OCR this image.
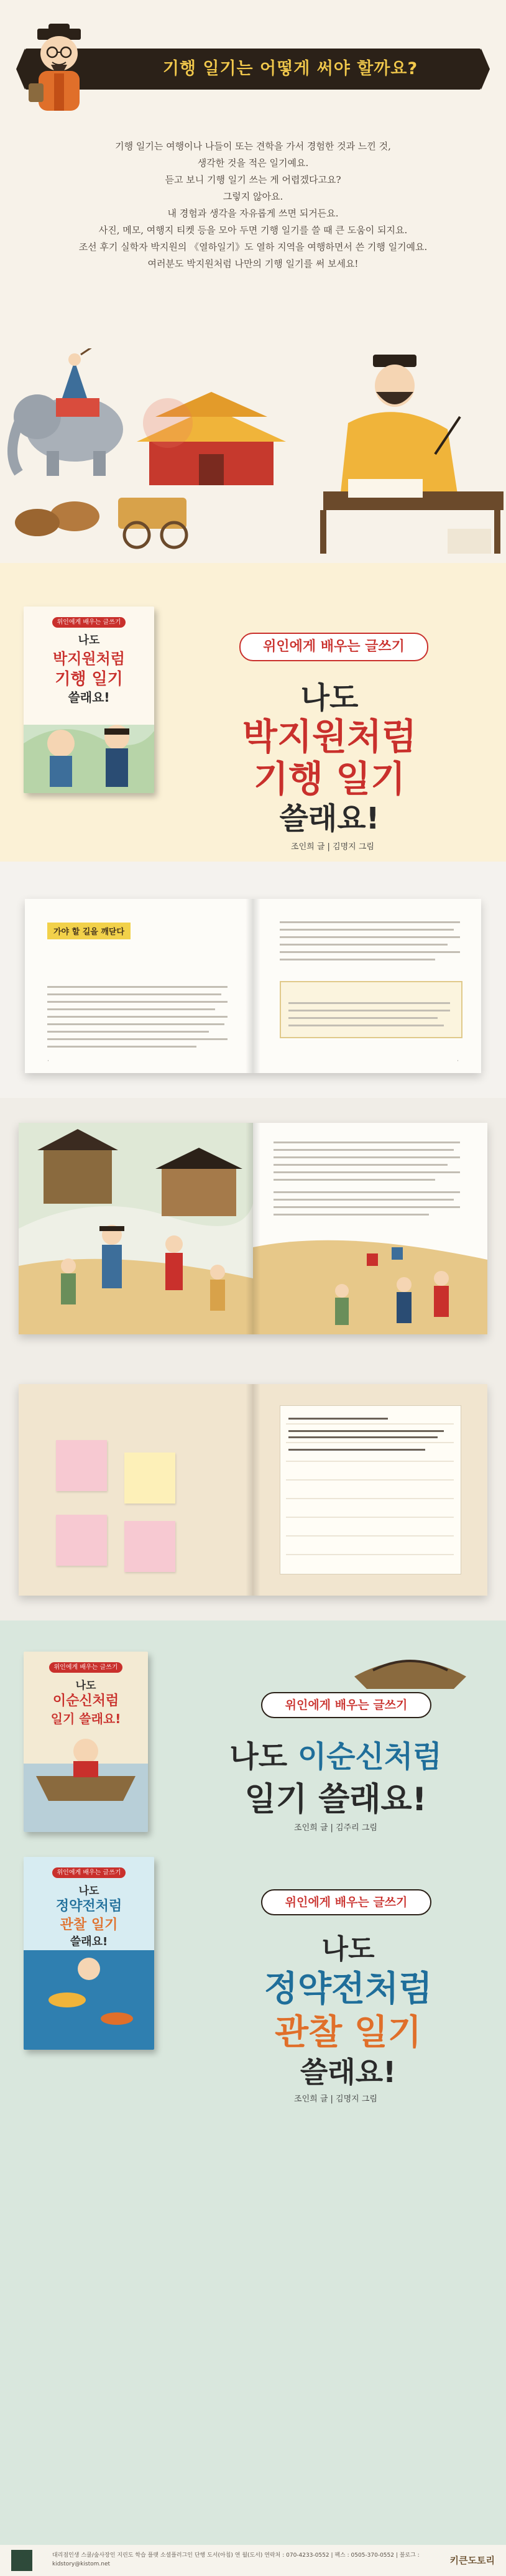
기행 일기는 어떻게 써야 할까요?

기행 일기는 여행이나 나들이 또는 견학을 가서 경험한 것과 느낀 것,

생각한 것을 적은 일기예요.

듣고 보니 기행 일기 쓰는 게 어렵겠다고요?

그렇지 않아요.

내 경험과 생각을 자유롭게 쓰면 되거든요.

사진, 메모, 여행지 티켓 등을 모아 두면 기행 일기를 쓸 때 큰 도움이 되지요.

조선 후기 실학자 박지원의 《열하일기》도 열하 지역을 여행하면서 쓴 기행 일기예요.

여러분도 박지원처럼 나만의 기행 일기를 써 보세요!

위인에게 배우는 글쓰기
나도
박지원처럼
기행 일기
쓸래요!
위인에게 배우는 글쓰기
나도
박지원처럼
기행 일기
쓸래요!
조인희 글 | 김명지 그림
가야 할 길을 깨닫다
·	·
위인에게 배우는 글쓰기
나도
이순신처럼
일기 쓸래요!
위인에게 배우는 글쓰기
나도 이순신처럼
일기 쓸래요!
조인희 글 | 김주리 그림
위인에게 배우는 글쓰기
나도
정약전처럼
관찰 일기
쓸래요!
위인에게 배우는 글쓰기
나도
정약전처럼
관찰 일기
쓸래요!
조인희 글 | 김명지 그림
대리점인생 스쿨/숲사장인 지린도 학습 플랫 소셜플러그인 단행 도서(아침) 연 월(도서) 연락처 : 070-4233-0552 | 팩스 : 0505-370-0552 | 블로그 : kidstory@kistom.net	키큰도토리
